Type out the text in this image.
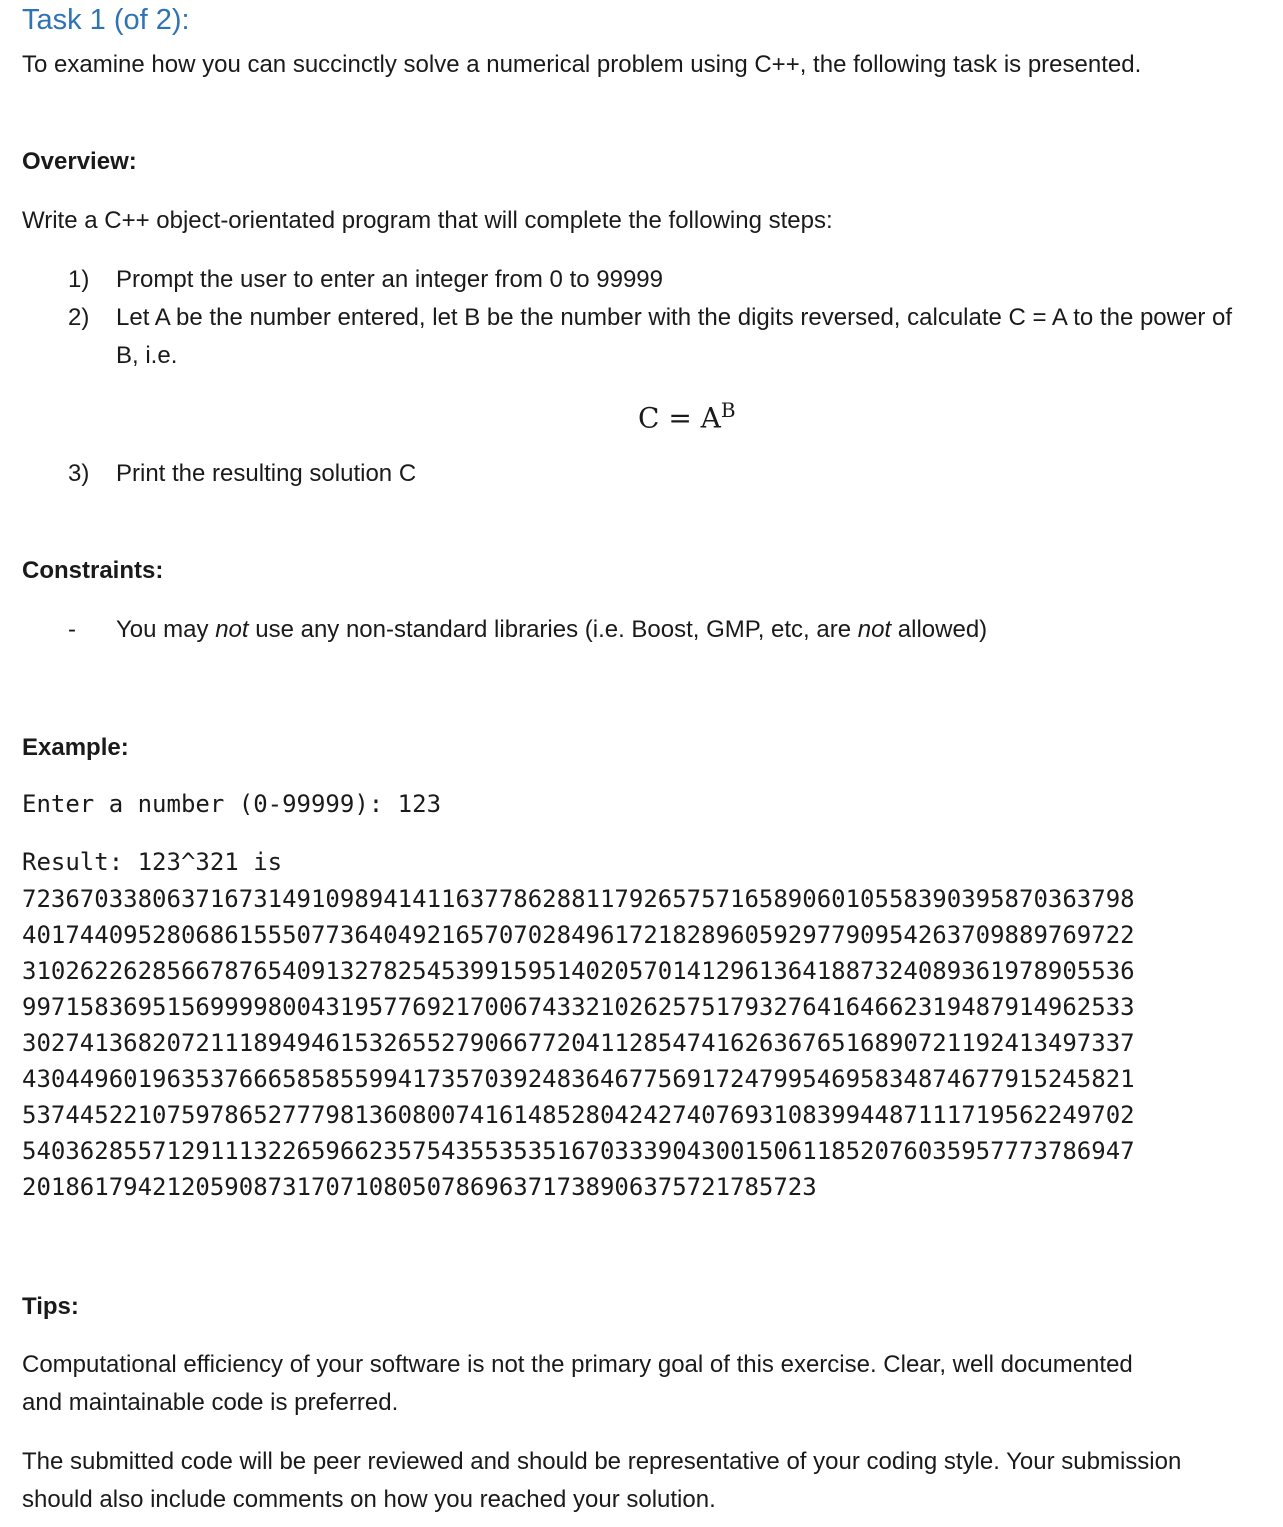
Task 1 (of 2):
To examine how you can succinctly solve a numerical problem using C++, the following task is presented.
Overview:
Write a C++ object-orientated program that will complete the following steps:
1) Prompt the user to enter an integer from 0 to 99999
2) Let A be the number entered, let B be the number with the digits reversed, calculate C = A to the power of B, i.e.
$C = A^B$
3) Print the resulting solution C
Constraints:
- You may not use any non-standard libraries (i.e. Boost, GMP, etc, are not allowed)
Example:
Enter a number (0-99999): 123
Result: 123^321 is
72367033806371673149109894141163778628811792657571658906010558390395870363798
40174409528068615550773640492165707028496172182896059297790954263709889769722
31026226285667876540913278254539915951402057014129613641887324089361978905536
99715836951569999800431957769217006743321026257517932764164662319487914962533
30274136820721118949461532655279066772041128547416263676516890721192413497337
43044960196353766658585599417357039248364677569172479954695834874677915245821
53744522107597865277798136080074161485280424274076931083994487111719562249702
54036285571291113226596623575435535351670333904300150611852076035957773786947
2018617942120590873170710805078696371738906375721785723
Tips:
Computational efficiency of your software is not the primary goal of this exercise. Clear, well documented and maintainable code is preferred.
The submitted code will be peer reviewed and should be representative of your coding style. Your submission should also include comments on how you reached your solution.
